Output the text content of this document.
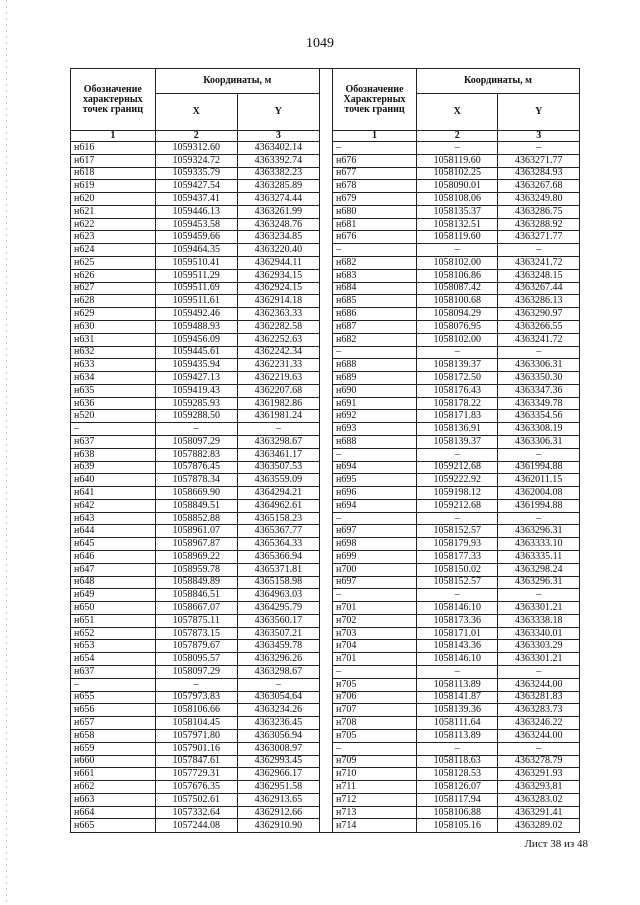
1049
Обозначение характерных точек границ	Координаты, м	
	X	Y
1	2	3
н616	1059312.60	4363402.14
н617	1059324.72	4363392.74
н618	1059335.79	4363382.23
н619	1059427.54	4363285.89
н620	1059437.41	4363274.44
н621	1059446.13	4363261.99
н622	1059453.58	4363248.76
н623	1059459.66	4363234.85
н624	1059464.35	4363220.40
н625	1059510.41	4362944.11
н626	1059511.29	4362934.15
н627	1059511.69	4362924.15
н628	1059511.61	4362914.18
н629	1059492.46	4362363.33
н630	1059488.93	4362282.58
н631	1059456.09	4362252.63
н632	1059445.61	4362242.34
н633	1059435.94	4362231.33
н634	1059427.13	4362219.63
н635	1059419.43	4362207.68
н636	1059285.93	4361982.86
н520	1059288.50	4361981.24
–	–	–
н637	1058097.29	4363298.67
н638	1057882.83	4363461.17
н639	1057876.45	4363507.53
н640	1057878.34	4363559.09
н641	1058669.90	4364294.21
н642	1058849.51	4364962.61
н643	1058852.88	4365158.23
н644	1058961.07	4365367.77
н645	1058967.87	4365364.33
н646	1058969.22	4365366.94
н647	1058959.78	4365371.81
н648	1058849.89	4365158.98
н649	1058846.51	4364963.03
н650	1058667.07	4364295.79
н651	1057875.11	4363560.17
н652	1057873.15	4363507.21
н653	1057879.67	4363459.78
н654	1058095.57	4363296.26
н637	1058097.29	4363298.67
–	–	–
н655	1057973.83	4363054.64
н656	1058106.66	4363234.26
н657	1058104.45	4363236.45
н658	1057971.80	4363056.94
н659	1057901.16	4363008.97
н660	1057847.61	4362993.45
н661	1057729.31	4362966.17
н662	1057676.35	4362951.58
н663	1057502.61	4362913.65
н664	1057332.64	4362912.66
н665	1057244.08	4362910.90
Обозначение Характерных точек границ	Координаты, м	
	X	Y
1	2	3
–	–	–
н676	1058119.60	4363271.77
н677	1058102.25	4363284.93
н678	1058090.01	4363267.68
н679	1058108.06	4363249.80
н680	1058135.37	4363286.75
н681	1058132.51	4363288.92
н676	1058119.60	4363271.77
–	–	–
н682	1058102.00	4363241.72
н683	1058106.86	4363248.15
н684	1058087.42	4363267.44
н685	1058100.68	4363286.13
н686	1058094.29	4363290.97
н687	1058076.95	4363266.55
н682	1058102.00	4363241.72
–	–	–
н688	1058139.37	4363306.31
н689	1058172.50	4363350.30
н690	1058176.43	4363347.36
н691	1058178.22	4363349.78
н692	1058171.83	4363354.56
н693	1058136.91	4363308.19
н688	1058139.37	4363306.31
–	–	–
н694	1059212.68	4361994.88
н695	1059222.92	4362011.15
н696	1059198.12	4362004.08
н694	1059212.68	4361994.88
–	–	–
н697	1058152.57	4363296.31
н698	1058179.93	4363333.10
н699	1058177.33	4363335.11
н700	1058150.02	4363298.24
н697	1058152.57	4363296.31
–	–	–
н701	1058146.10	4363301.21
н702	1058173.36	4363338.18
н703	1058171.01	4363340.01
н704	1058143.36	4363303.29
н701	1058146.10	4363301.21
–	–	–
н705	1058113.89	4363244.00
н706	1058141.87	4363281.83
н707	1058139.36	4363283.73
н708	1058111.64	4363246.22
н705	1058113.89	4363244.00
–	–	–
н709	1058118.63	4363278.79
н710	1058128.53	4363291.93
н711	1058126.07	4363293.81
н712	1058117.94	4363283.02
н713	1058106.88	4363291.41
н714	1058105.16	4363289.02
Лист 38 из 48
